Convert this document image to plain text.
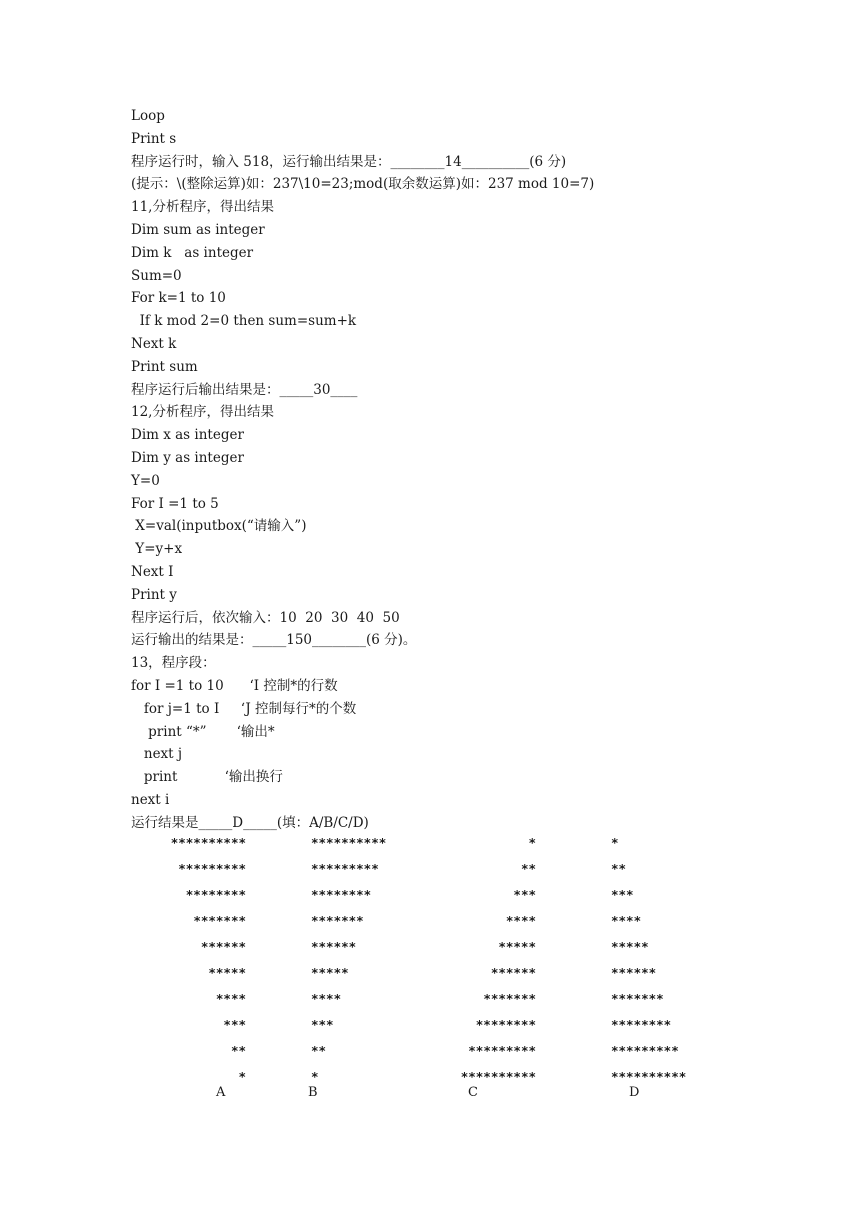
Loop
Print s
程序运行时，输入 518，运行输出结果是：________14__________(6 分)
(提示：\(整除运算)如：237\10=23;mod(取余数运算)如：237 mod 10=7)
11,分析程序，得出结果
Dim sum as integer
Dim k   as integer
Sum=0
For k=1 to 10
If k mod 2=0 then sum=sum+k
Next k
Print sum
程序运行后输出结果是：_____30____
12,分析程序，得出结果
Dim x as integer
Dim y as integer
Y=0
For I =1 to 5
X=val(inputbox(“请输入”)
Y=y+x
Next I
Print y
程序运行后，依次输入：10  20  30  40  50
运行输出的结果是：_____150________(6 分)。
13，程序段：
for I =1 to 10      ‘I 控制*的行数
for j=1 to I     ‘J 控制每行*的个数
print “*”       ‘输出*
next j
print           ‘输出换行
next i
运行结果是_____D_____(填：A/B/C/D)
**********
*********
********
*******
******
*****
****
***
**
*
**********
*********
********
*******
******
*****
****
***
**
*
*
**
***
****
*****
******
*******
********
*********
**********
*
**
***
****
*****
******
*******
********
*********
**********
A	B	C	D
